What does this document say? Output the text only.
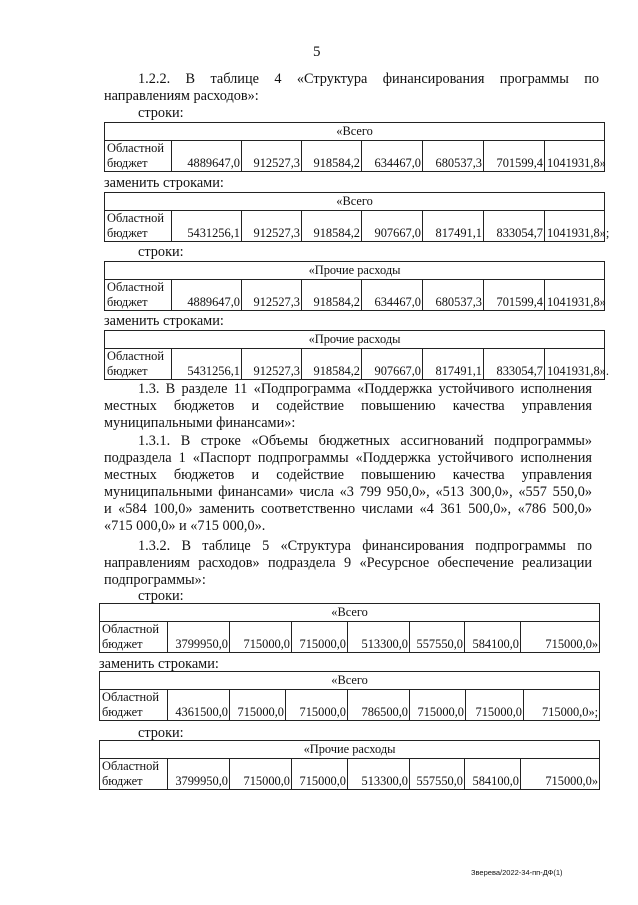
5
1.2.2. В таблице 4 «Структура финансирования программы по
направлениям расходов»:
строки:
«Всего
Областной
бюджет	4889647,0	912527,3	918584,2	634467,0	680537,3	701599,4	1041931,8»
заменить строками:
«Всего
Областной
бюджет	5431256,1	912527,3	918584,2	907667,0	817491,1	833054,7	1041931,8»;
строки:
«Прочие расходы
Областной
бюджет	4889647,0	912527,3	918584,2	634467,0	680537,3	701599,4	1041931,8»
заменить строками:
«Прочие расходы
Областной
бюджет	5431256,1	912527,3	918584,2	907667,0	817491,1	833054,7	1041931,8».
1.3. В разделе 11 «Подпрограмма «Поддержка устойчивого исполнения
местных бюджетов и содействие повышению качества управления
муниципальными финансами»:
1.3.1. В строке «Объемы бюджетных ассигнований подпрограммы»
подраздела 1 «Паспорт подпрограммы «Поддержка устойчивого исполнения
местных бюджетов и содействие повышению качества управления
муниципальными финансами» числа «3 799 950,0», «513 300,0», «557 550,0»
и «584 100,0» заменить соответственно числами «4 361 500,0», «786 500,0»
«715 000,0» и «715 000,0».
1.3.2. В таблице 5 «Структура финансирования подпрограммы по
направлениям расходов» подраздела 9 «Ресурсное обеспечение реализации
подпрограммы»:
строки:
«Всего
Областной
бюджет	3799950,0	715000,0	715000,0	513300,0	557550,0	584100,0	715000,0»
заменить строками:
«Всего
Областной
бюджет	4361500,0	715000,0	715000,0	786500,0	715000,0	715000,0	715000,0»;
строки:
«Прочие расходы
Областной
бюджет	3799950,0	715000,0	715000,0	513300,0	557550,0	584100,0	715000,0»
Зверева/2022-34-пп-ДФ(1)
